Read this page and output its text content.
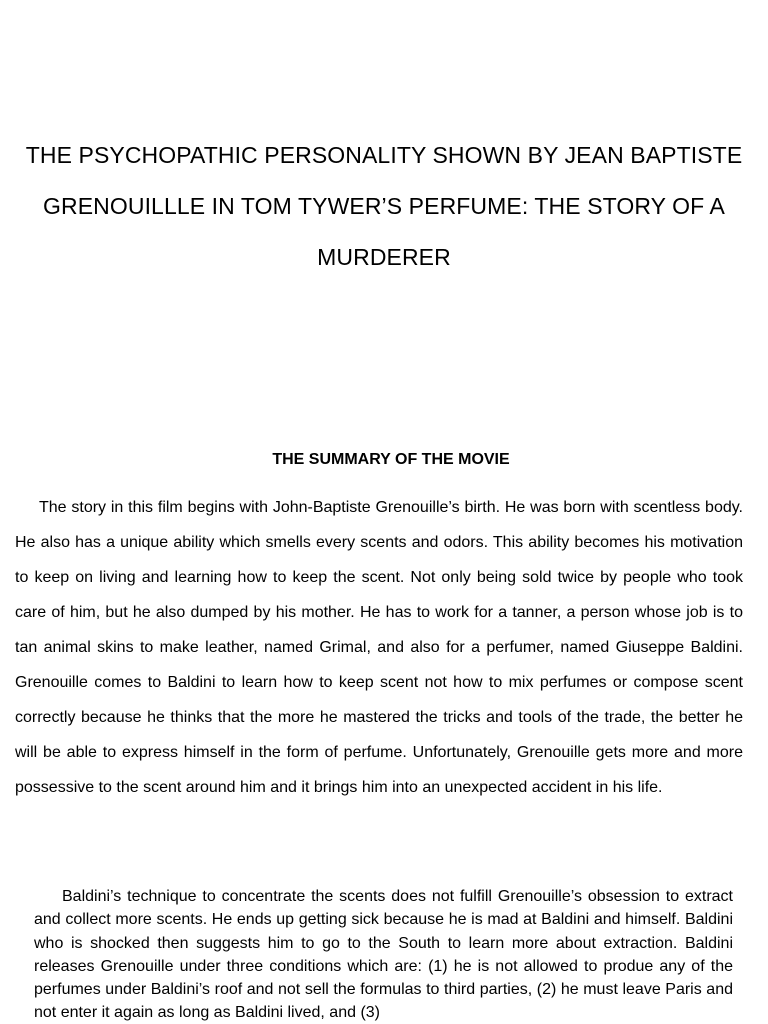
THE PSYCHOPATHIC PERSONALITY SHOWN BY JEAN BAPTISTE GRENOUILLLE IN TOM TYWER’S PERFUME: THE STORY OF A MURDERER
THE SUMMARY OF THE MOVIE

The story in this film begins with John-Baptiste Grenouille’s birth. He was born with scentless body. He also has a unique ability which smells every scents and odors. This ability becomes his motivation to keep on living and learning how to keep the scent. Not only being sold twice by people who took care of him, but he also dumped by his mother. He has to work for a tanner, a person whose job is to tan animal skins to make leather, named Grimal, and also for a perfumer, named Giuseppe Baldini. Grenouille comes to Baldini to learn how to keep scent not how to mix perfumes or compose scent correctly because he thinks that the more he mastered the tricks and tools of the trade, the better he will be able to express himself in the form of perfume. Unfortunately, Grenouille gets more and more possessive to the scent around him and it brings him into an unexpected accident in his life.

Baldini’s technique to concentrate the scents does not fulfill Grenouille’s obsession to extract and collect more scents. He ends up getting sick because he is mad at Baldini and himself. Baldini who is shocked then suggests him to go to the South to learn more about extraction. Baldini releases Grenouille under three conditions which are: (1) he is not allowed to produe any of the perfumes under Baldini’s roof and not sell the formulas to third parties, (2) he must leave Paris and not enter it again as long as Baldini lived, and (3)
